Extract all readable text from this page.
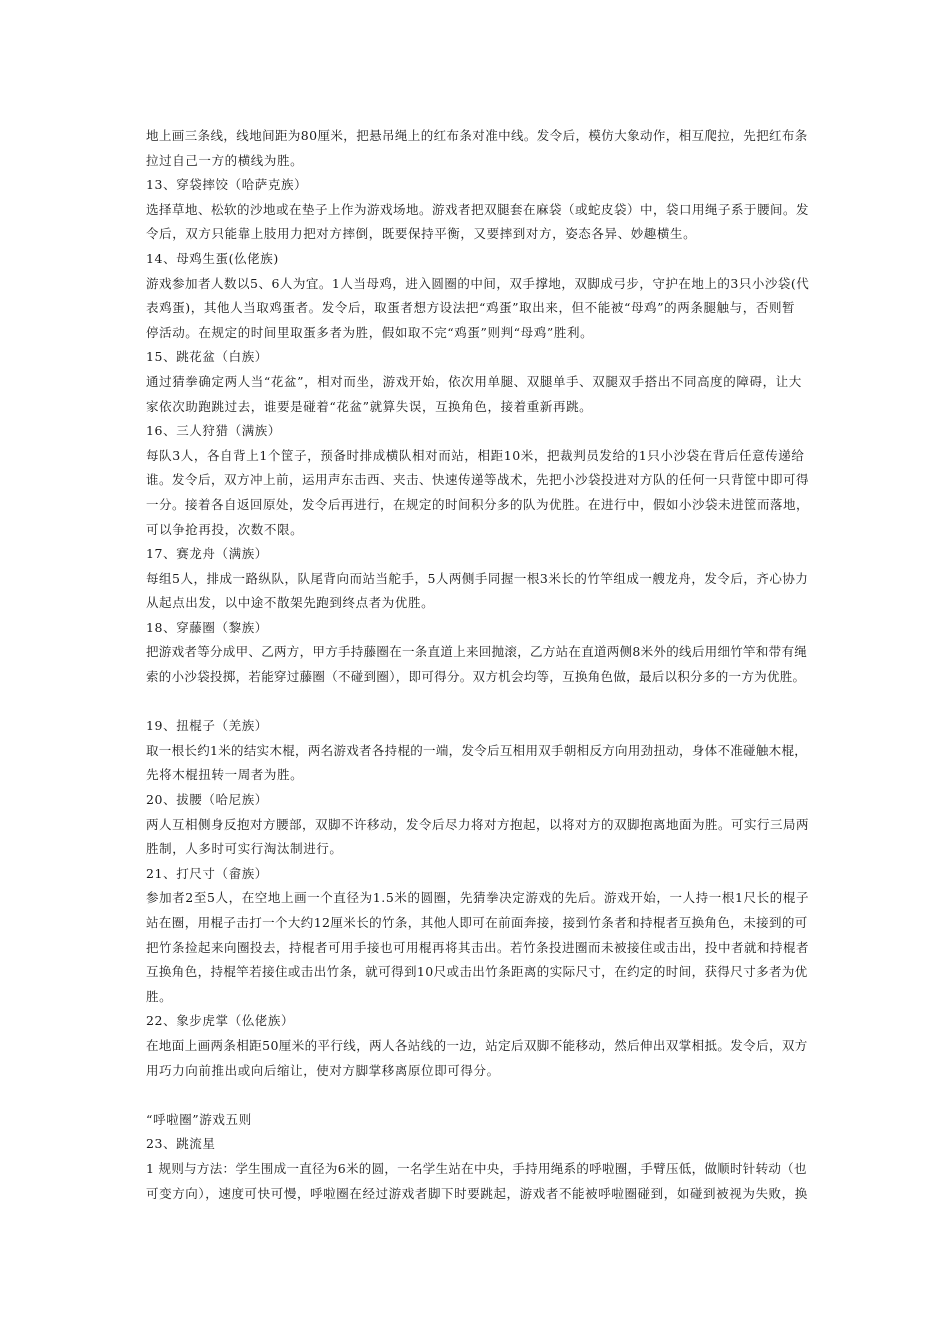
地上画三条线，线地间距为80厘米，把悬吊绳上的红布条对准中线。发令后，模仿大象动作，相互爬拉，先把红布条
拉过自己一方的横线为胜。
13、穿袋摔饺（哈萨克族）
选择草地、松软的沙地或在垫子上作为游戏场地。游戏者把双腿套在麻袋（或蛇皮袋）中，袋口用绳子系于腰间。发
令后，双方只能靠上肢用力把对方摔倒，既要保持平衡，又要摔到对方，姿态各异、妙趣横生。
14、母鸡生蛋(仫佬族)
游戏参加者人数以5、6人为宜。1人当母鸡，进入圆圈的中间，双手撑地，双脚成弓步，守护在地上的3只小沙袋(代
表鸡蛋)，其他人当取鸡蛋者。发令后，取蛋者想方设法把“鸡蛋”取出来，但不能被“母鸡”的两条腿触与，否则暂
停活动。在规定的时间里取蛋多者为胜，假如取不完“鸡蛋”则判“母鸡”胜利。
15、跳花盆（白族）
通过猜拳确定两人当“花盆”，相对而坐，游戏开始，依次用单腿、双腿单手、双腿双手搭出不同高度的障碍，让大
家依次助跑跳过去，谁要是碰着“花盆”就算失误，互换角色，接着重新再跳。
16、三人狩猎（满族）
每队3人，各自背上1个筐子，预备时排成横队相对而站，相距10米，把裁判员发给的1只小沙袋在背后任意传递给
谁。发令后，双方冲上前，运用声东击西、夹击、快速传递等战术，先把小沙袋投进对方队的任何一只背筐中即可得
一分。接着各自返回原处，发令后再进行，在规定的时间积分多的队为优胜。在进行中，假如小沙袋未进筐而落地，
可以争抢再投，次数不限。
17、赛龙舟（满族）
每组5人，排成一路纵队，队尾背向而站当舵手，5人两侧手同握一根3米长的竹竿组成一艘龙舟，发令后，齐心协力
从起点出发，以中途不散架先跑到终点者为优胜。
18、穿藤圈（黎族）
把游戏者等分成甲、乙两方，甲方手持藤圈在一条直道上来回抛滚，乙方站在直道两侧8米外的线后用细竹竿和带有绳
索的小沙袋投掷，若能穿过藤圈（不碰到圈），即可得分。双方机会均等，互换角色做，最后以积分多的一方为优胜。
19、扭棍子（羌族）
取一根长约1米的结实木棍，两名游戏者各持棍的一端，发令后互相用双手朝相反方向用劲扭动，身体不准碰触木棍，
先将木棍扭转一周者为胜。
20、拔腰（哈尼族）
两人互相侧身反抱对方腰部，双脚不许移动，发令后尽力将对方抱起，以将对方的双脚抱离地面为胜。可实行三局两
胜制，人多时可实行淘汰制进行。
21、打尺寸（畲族）
参加者2至5人，在空地上画一个直径为1.5米的圆圈，先猜拳决定游戏的先后。游戏开始，一人持一根1尺长的棍子
站在圈，用棍子击打一个大约12厘米长的竹条，其他人即可在前面奔接，接到竹条者和持棍者互换角色，未接到的可
把竹条捡起来向圈投去，持棍者可用手接也可用棍再将其击出。若竹条投进圈而未被接住或击出，投中者就和持棍者
互换角色，持棍竿若接住或击出竹条，就可得到10尺或击出竹条距离的实际尺寸，在约定的时间，获得尺寸多者为优
胜。
22、象步虎掌（仫佬族）
在地面上画两条相距50厘米的平行线，两人各站线的一边，站定后双脚不能移动，然后伸出双掌相抵。发令后，双方
用巧力向前推出或向后缩让，使对方脚掌移离原位即可得分。
“呼啦圈”游戏五则
23、跳流星
1 规则与方法：学生围成一直径为6米的圆，一名学生站在中央，手持用绳系的呼啦圈，手臂压低，做顺时针转动（也
可变方向），速度可快可慢，呼啦圈在经过游戏者脚下时要跳起，游戏者不能被呼啦圈碰到，如碰到被视为失败，换
